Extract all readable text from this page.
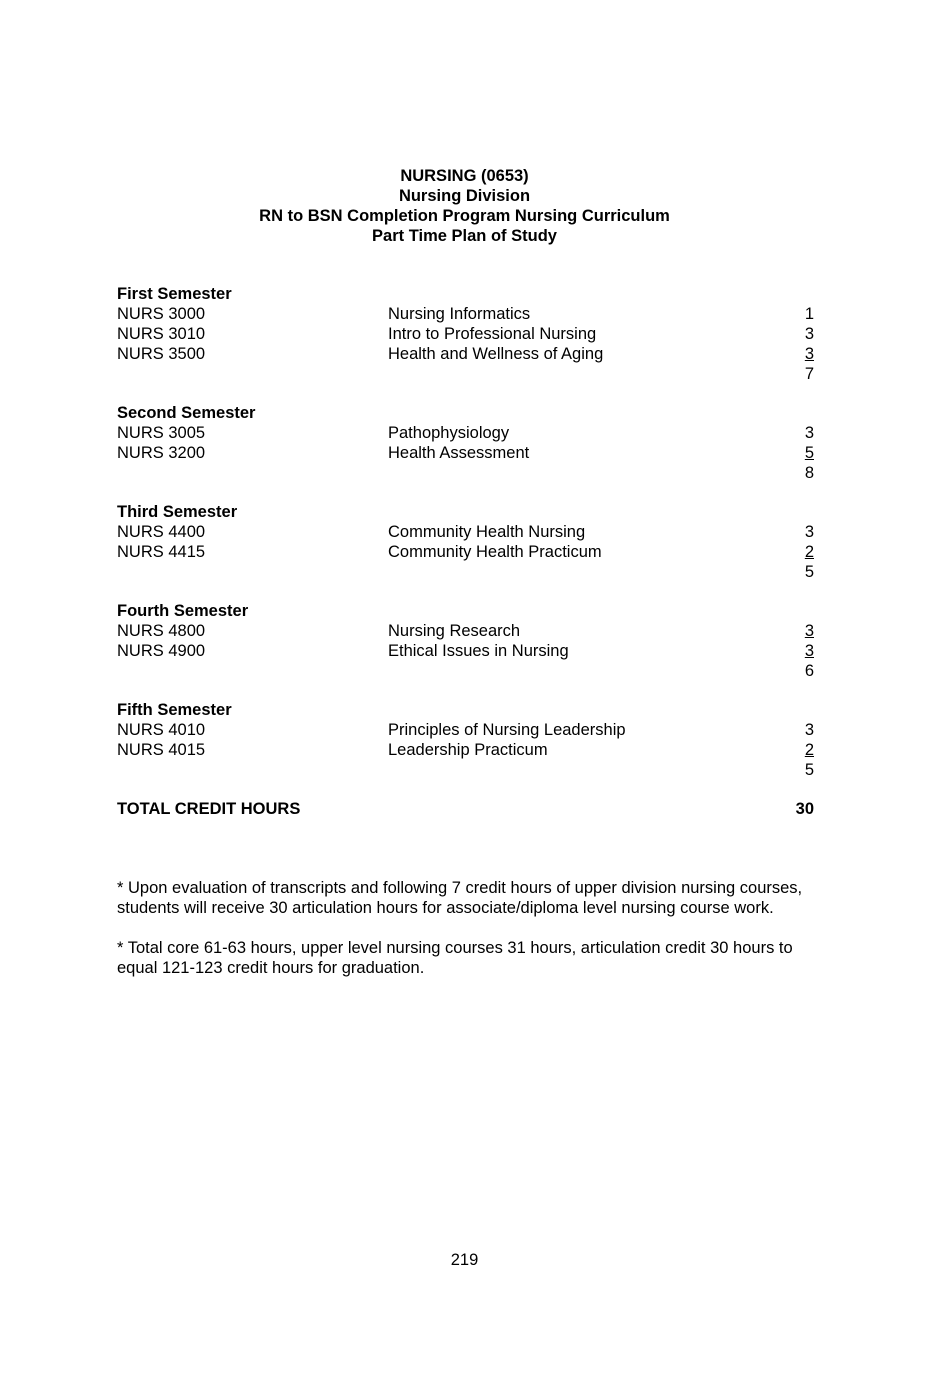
NURSING (0653)
Nursing Division
RN to BSN Completion Program Nursing Curriculum
Part Time Plan of Study
First Semester
NURS 3000	Nursing Informatics	1
NURS 3010	Intro to Professional Nursing	3
NURS 3500	Health and Wellness of Aging	3
7
Second Semester
NURS 3005	Pathophysiology	3
NURS 3200	Health Assessment	5
8
Third Semester
NURS 4400	Community Health Nursing	3
NURS 4415	Community Health Practicum	2
5
Fourth Semester
NURS 4800	Nursing Research	3
NURS 4900	Ethical Issues in Nursing	3
6
Fifth Semester
NURS 4010	Principles of Nursing Leadership	3
NURS 4015	Leadership Practicum	2
5
TOTAL CREDIT HOURS	30

* Upon evaluation of transcripts and following 7 credit hours of upper division nursing courses, students will receive 30 articulation hours for associate/diploma level nursing course work.

* Total core 61-63 hours, upper level nursing courses 31 hours, articulation credit 30 hours to equal 121-123 credit hours for graduation.

219
